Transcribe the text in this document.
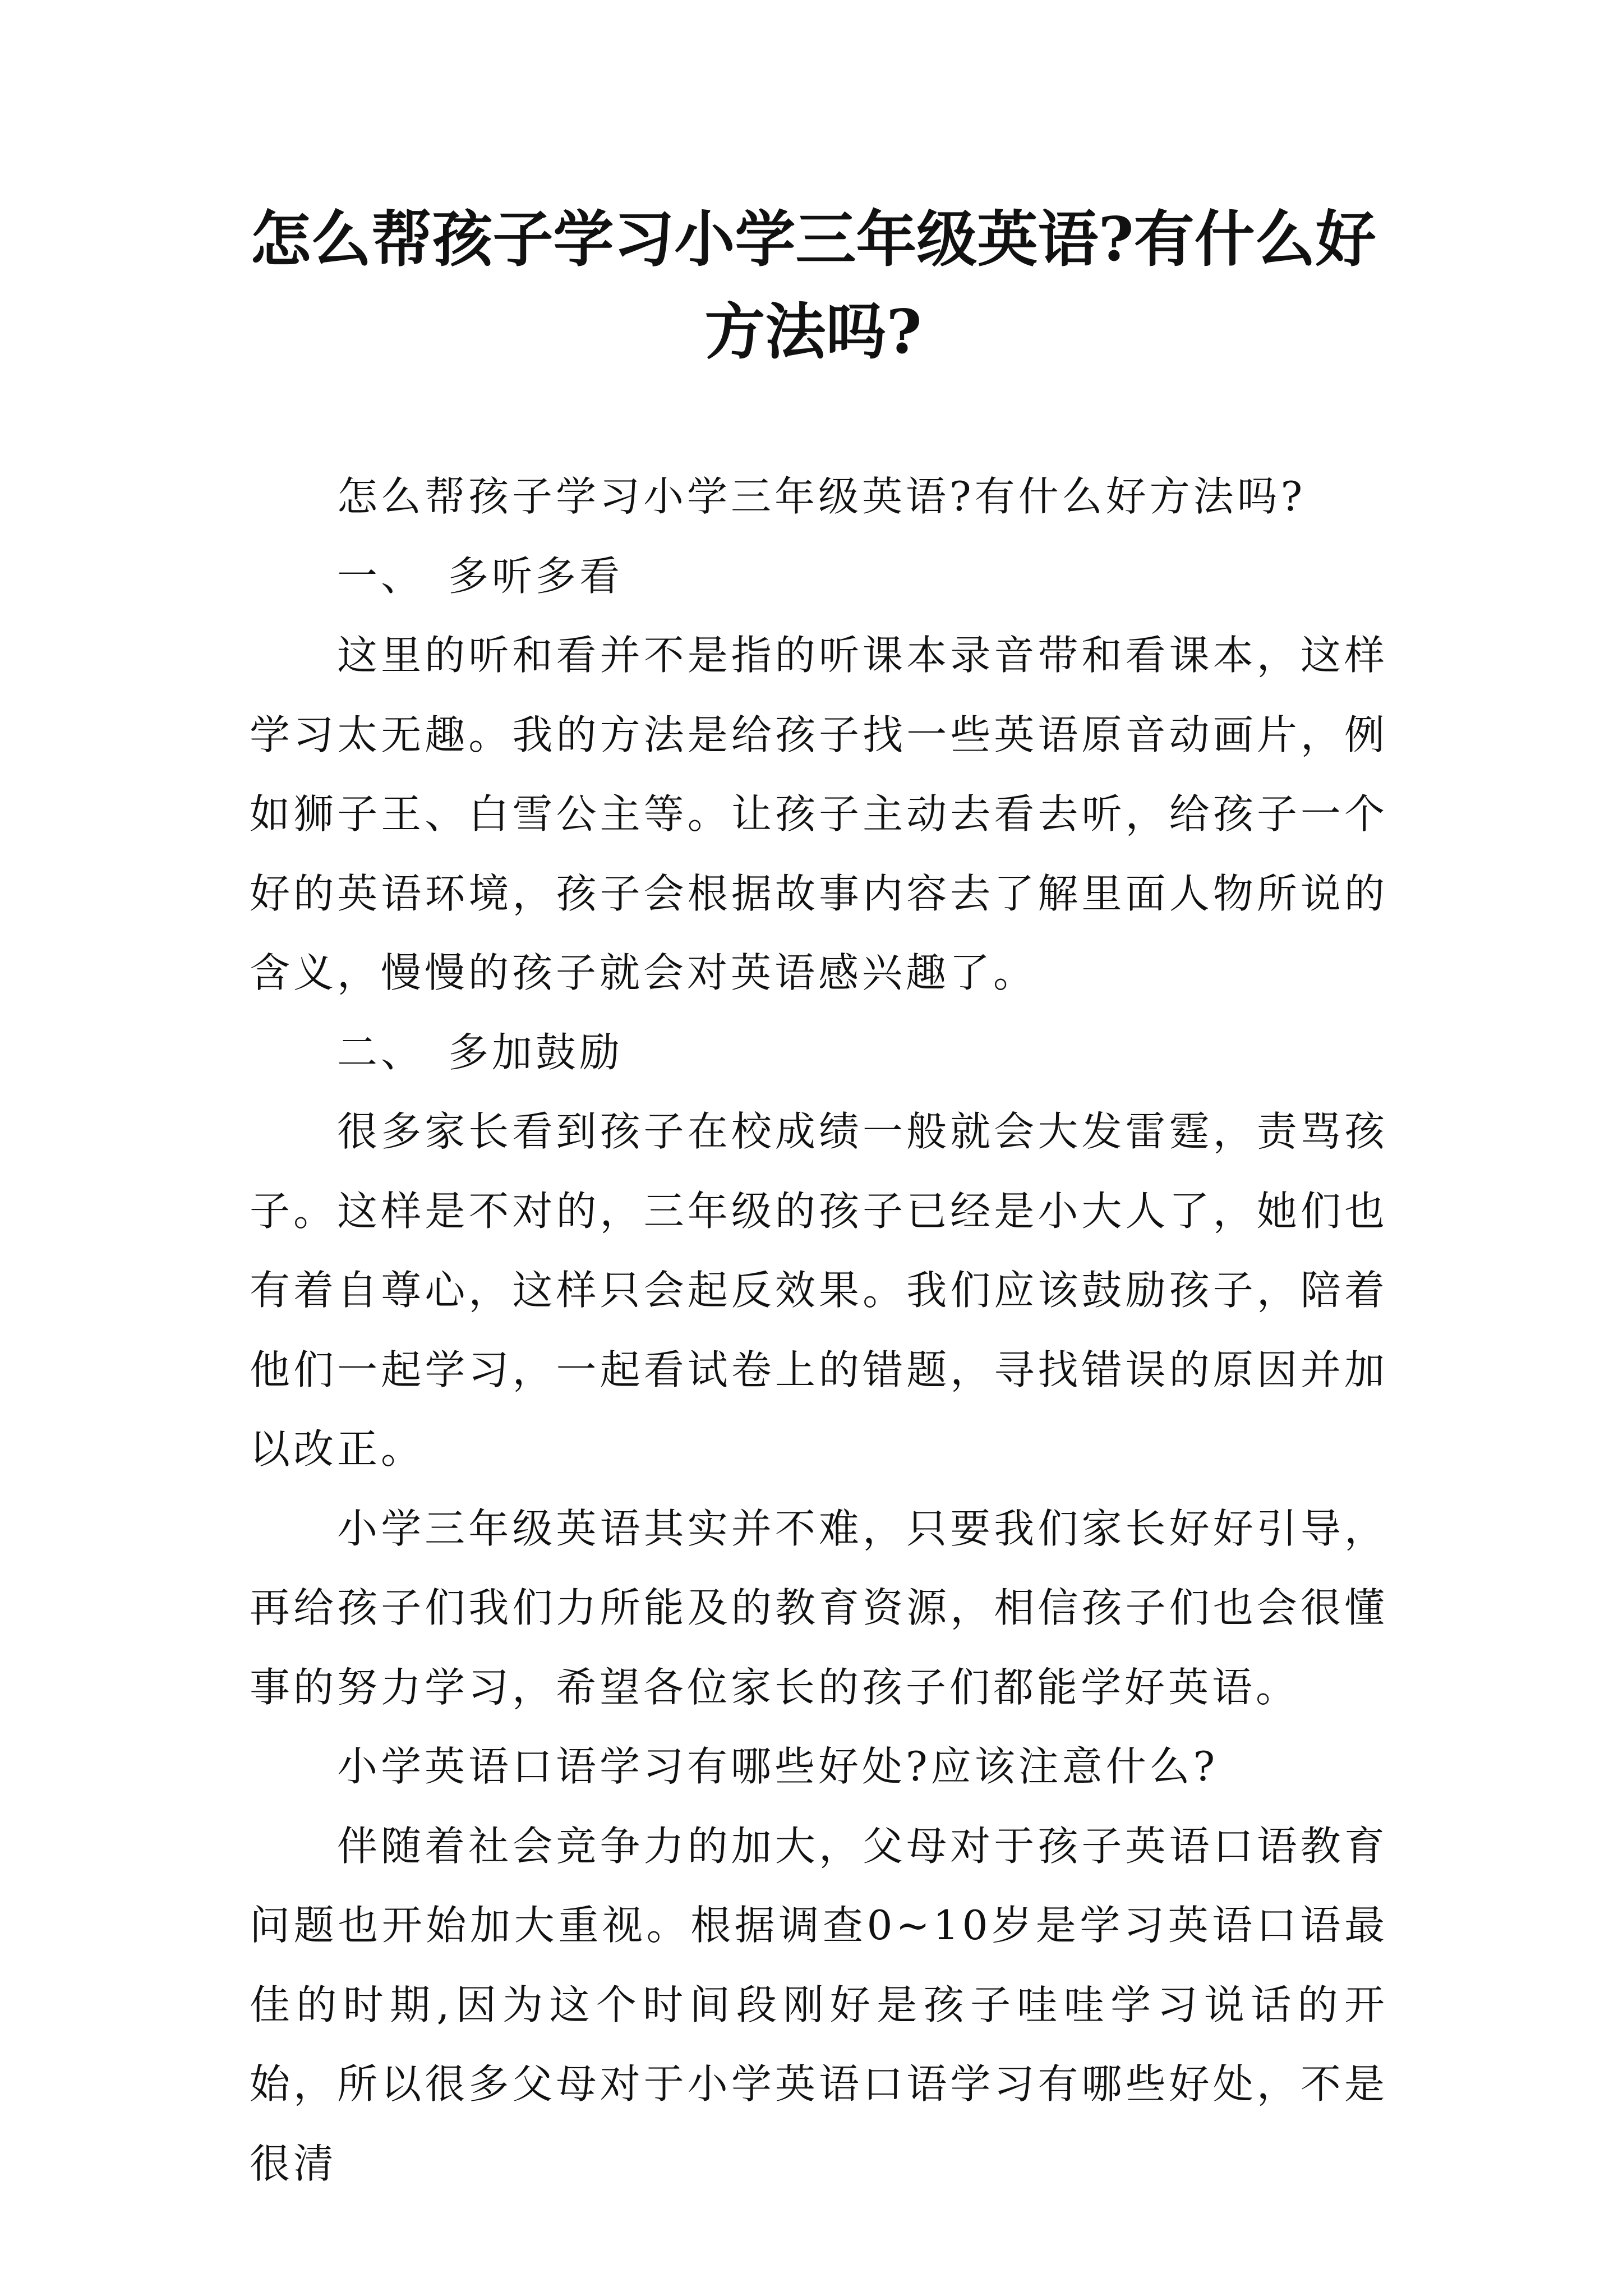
怎么帮孩子学习小学三年级英语?有什么好方法吗?

怎么帮孩子学习小学三年级英语?有什么好方法吗?

一、　多听多看

这里的听和看并不是指的听课本录音带和看课本，这样学习太无趣。我的方法是给孩子找一些英语原音动画片，例如狮子王、白雪公主等。让孩子主动去看去听，给孩子一个好的英语环境，孩子会根据故事内容去了解里面人物所说的含义，慢慢的孩子就会对英语感兴趣了。

二、　多加鼓励

很多家长看到孩子在校成绩一般就会大发雷霆，责骂孩子。这样是不对的，三年级的孩子已经是小大人了，她们也有着自尊心，这样只会起反效果。我们应该鼓励孩子，陪着他们一起学习，一起看试卷上的错题，寻找错误的原因并加以改正。

小学三年级英语其实并不难，只要我们家长好好引导，再给孩子们我们力所能及的教育资源，相信孩子们也会很懂事的努力学习，希望各位家长的孩子们都能学好英语。

小学英语口语学习有哪些好处?应该注意什么?

伴随着社会竞争力的加大，父母对于孩子英语口语教育问题也开始加大重视。根据调查0~10岁是学习英语口语最佳的时期,因为这个时间段刚好是孩子哇哇学习说话的开始，所以很多父母对于小学英语口语学习有哪些好处，不是很清
